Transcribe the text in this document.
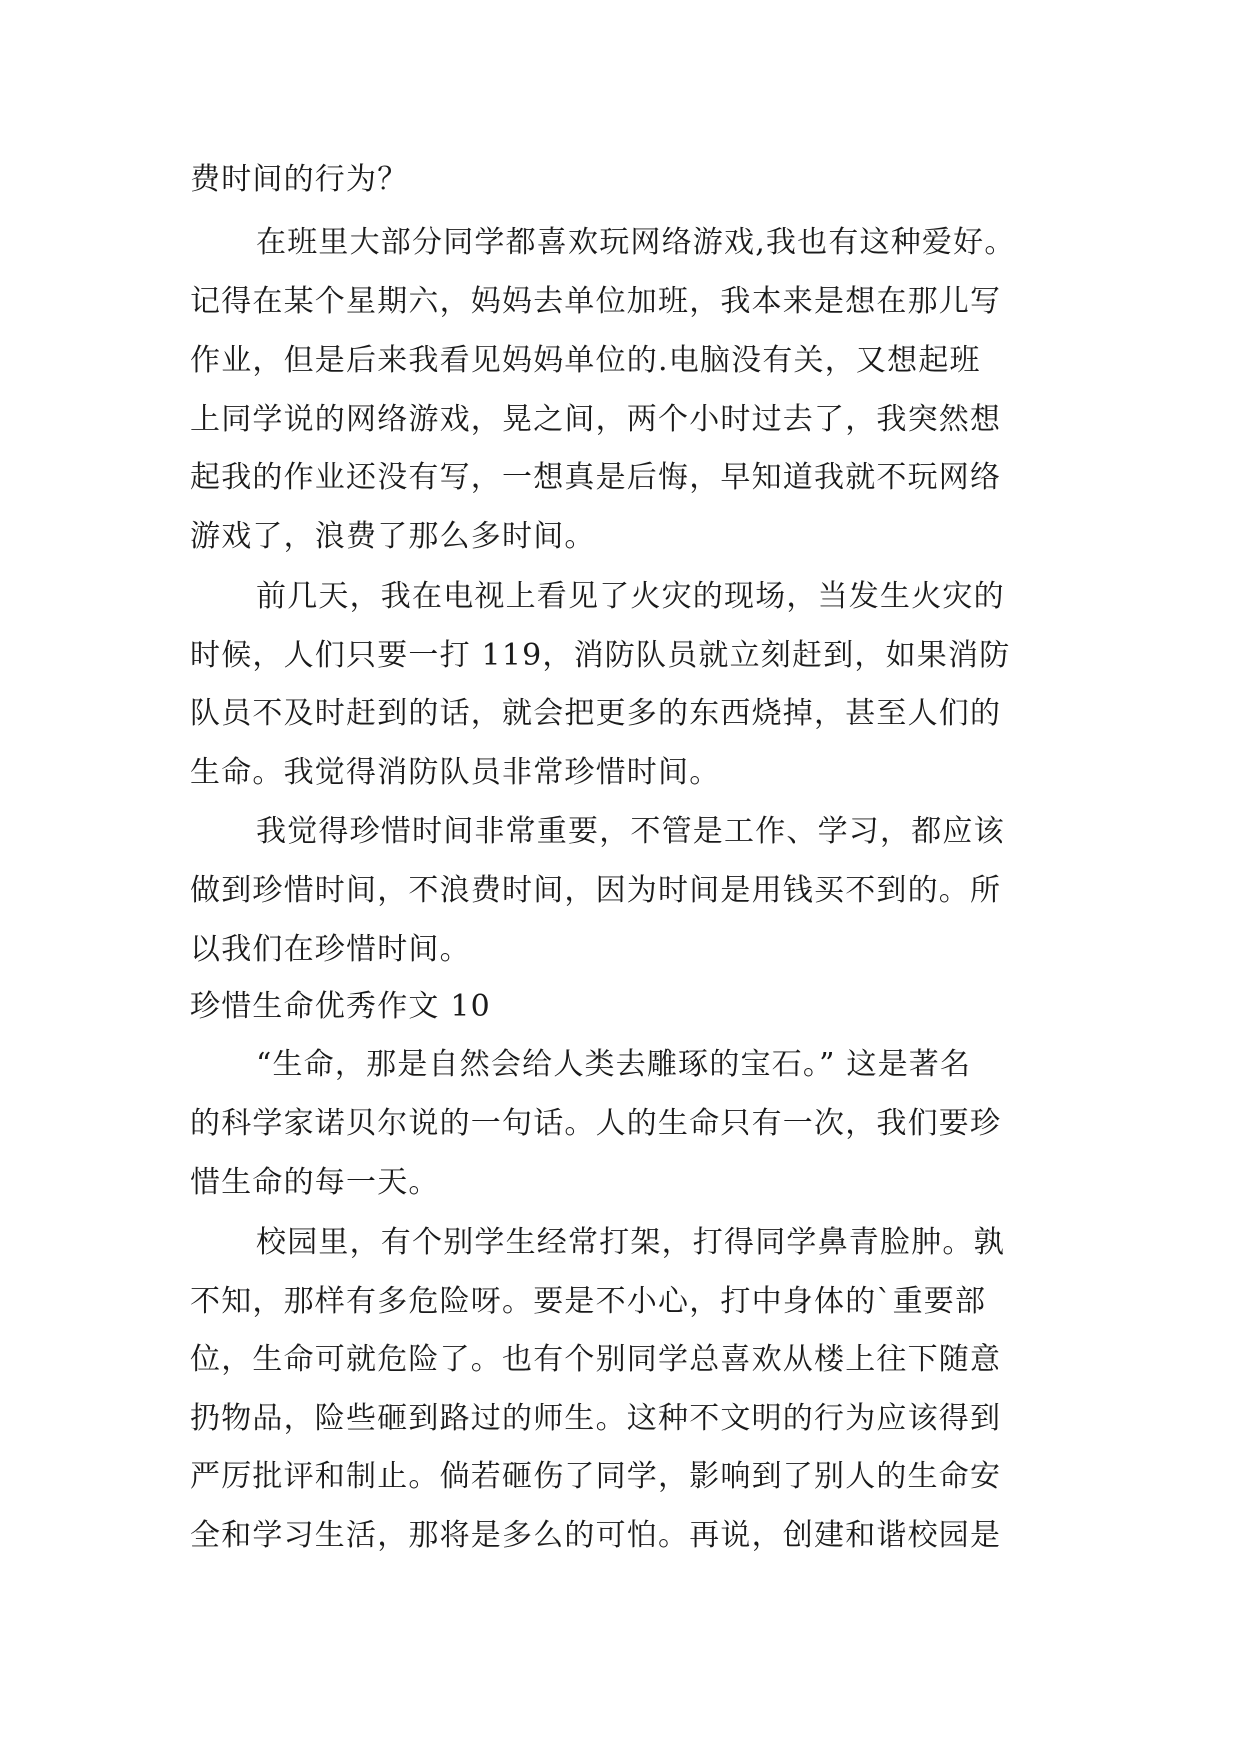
费时间的行为？
在班里大部分同学都喜欢玩网络游戏,我也有这种爱好。
记得在某个星期六，妈妈去单位加班，我本来是想在那儿写
作业，但是后来我看见妈妈单位的.电脑没有关，又想起班
上同学说的网络游戏，晃之间，两个小时过去了，我突然想
起我的作业还没有写，一想真是后悔，早知道我就不玩网络
游戏了，浪费了那么多时间。
前几天，我在电视上看见了火灾的现场，当发生火灾的
时候，人们只要一打 119，消防队员就立刻赶到，如果消防
队员不及时赶到的话，就会把更多的东西烧掉，甚至人们的
生命。我觉得消防队员非常珍惜时间。
我觉得珍惜时间非常重要，不管是工作、学习，都应该
做到珍惜时间，不浪费时间，因为时间是用钱买不到的。所
以我们在珍惜时间。
珍惜生命优秀作文 10
“生命，那是自然会给人类去雕琢的宝石。” 这是著名
的科学家诺贝尔说的一句话。人的生命只有一次，我们要珍
惜生命的每一天。
校园里，有个别学生经常打架，打得同学鼻青脸肿。孰
不知，那样有多危险呀。要是不小心，打中身体的`重要部
位，生命可就危险了。也有个别同学总喜欢从楼上往下随意
扔物品，险些砸到路过的师生。这种不文明的行为应该得到
严厉批评和制止。倘若砸伤了同学，影响到了别人的生命安
全和学习生活，那将是多么的可怕。再说，创建和谐校园是
